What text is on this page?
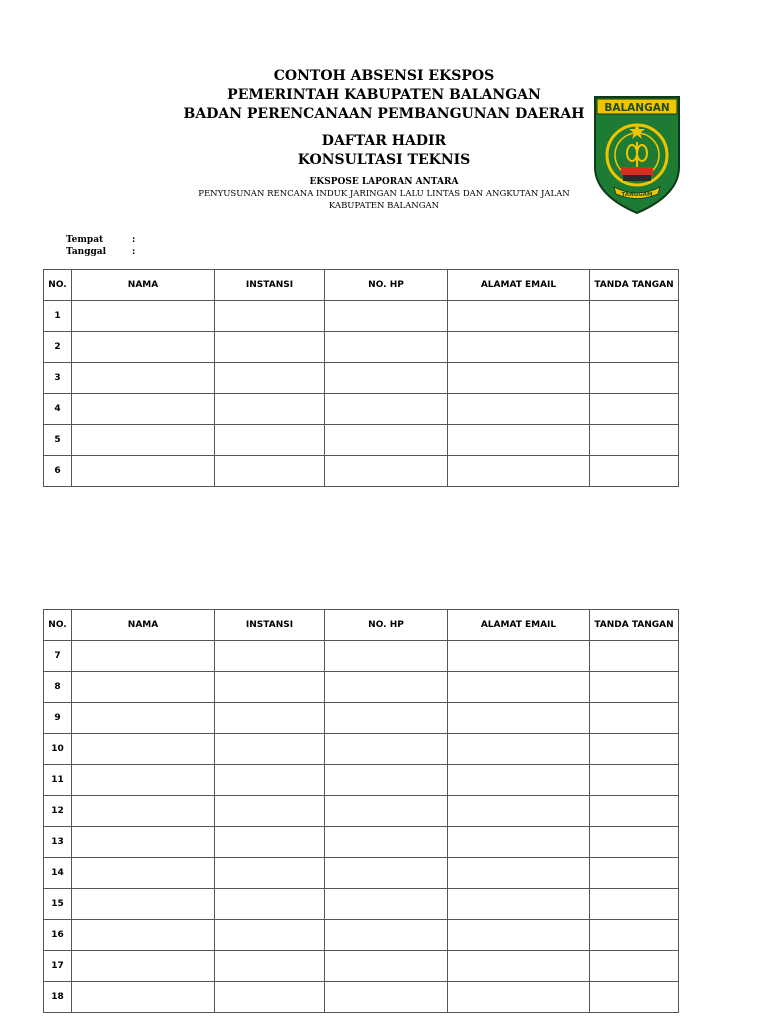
CONTOH ABSENSI EKSPOS
PEMERINTAH KABUPATEN BALANGAN
BADAN PERENCANAAN PEMBANGUNAN DAERAH
DAFTAR HADIR
KONSULTASI TEKNIS
EKSPOSE LAPORAN ANTARA
PENYUSUNAN RENCANA INDUK JARINGAN LALU LINTAS DAN ANGKUTAN JALAN
KABUPATEN BALANGAN
BALANGAN
TANGGAM
Tempat	:
Tanggal	:
NO.	NAMA	INSTANSI	NO. HP	ALAMAT EMAIL	TANDA TANGAN
1					
2					
3					
4					
5					
6					
NO.	NAMA	INSTANSI	NO. HP	ALAMAT EMAIL	TANDA TANGAN
7					
8					
9					
10					
11					
12					
13					
14					
15					
16					
17					
18					
